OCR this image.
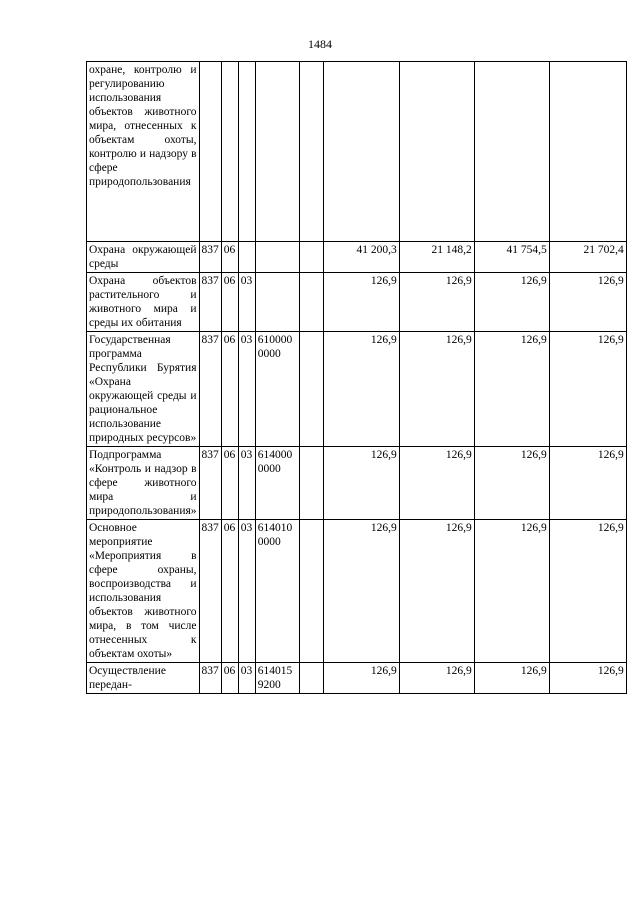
1484
охране, контролю и регулированию использования объектов животного мира, отнесенных к объектам охоты, контролю и надзору в сфере природопользования									
Охрана окружающей среды	837	06				41 200,3	21 148,2	41 754,5	21 702,4
Охрана объектов растительного и животного мира и среды их обитания	837	06	03			126,9	126,9	126,9	126,9
Государственная программа Республики Бурятия «Охрана окружающей среды и рациональное использование природных ресурсов»	837	06	03	6100000000		126,9	126,9	126,9	126,9
Подпрограмма «Контроль и надзор в сфере животного мира и природопользования»	837	06	03	6140000000		126,9	126,9	126,9	126,9
Основное мероприятие «Мероприятия в сфере охраны, воспроизводства и использования объектов животного мира, в том числе отнесенных к объектам охоты»	837	06	03	6140100000		126,9	126,9	126,9	126,9
Осуществление передан-	837	06	03	6140159200		126,9	126,9	126,9	126,9
